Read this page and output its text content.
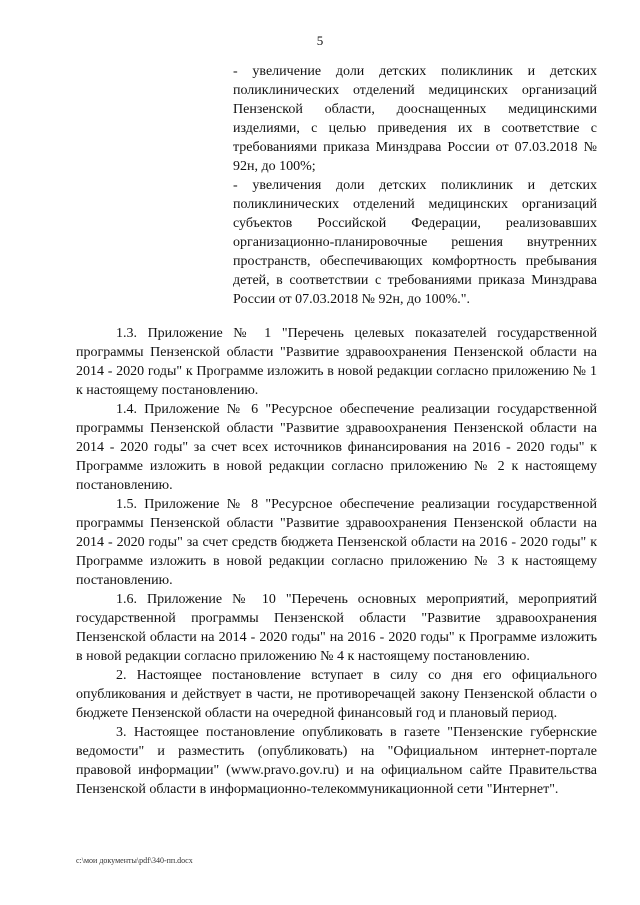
5

- увеличение доли детских поликлиник и детских поликлинических отделений медицинских организаций Пензенской области, дооснащенных медицинскими изделиями, с целью приведения их в соответствие с требованиями приказа Минздрава России от 07.03.2018 № 92н, до 100%;

- увеличения доли детских поликлиник и детских поликлинических отделений медицинских организаций субъектов Российской Федерации, реализовавших организационно-планировочные решения внутренних пространств, обеспечивающих комфортность пребывания детей, в соответствии с требованиями приказа Минздрава России от 07.03.2018 № 92н, до 100%.".

1.3. Приложение № 1 "Перечень целевых показателей государственной программы Пензенской области "Развитие здравоохранения Пензенской области на 2014 - 2020 годы" к Программе изложить в новой редакции согласно приложению № 1 к настоящему постановлению.

1.4. Приложение № 6 "Ресурсное обеспечение реализации государственной программы Пензенской области "Развитие здравоохранения Пензенской области на 2014 - 2020 годы" за счет всех источников финансирования на 2016 - 2020 годы" к Программе изложить в новой редакции согласно приложению № 2 к настоящему постановлению.

1.5. Приложение № 8 "Ресурсное обеспечение реализации государственной программы Пензенской области "Развитие здравоохранения Пензенской области на 2014 - 2020 годы" за счет средств бюджета Пензенской области на 2016 - 2020 годы" к Программе изложить в новой редакции согласно приложению № 3 к настоящему постановлению.

1.6. Приложение № 10 "Перечень основных мероприятий, мероприятий государственной программы Пензенской области "Развитие здравоохранения Пензенской области на 2014 - 2020 годы" на 2016 - 2020 годы" к Программе изложить в новой редакции согласно приложению № 4 к настоящему постановлению.

2. Настоящее постановление вступает в силу со дня его официального опубликования и действует в части, не противоречащей закону Пензенской области о бюджете Пензенской области на очередной финансовый год и плановый период.

3. Настоящее постановление опубликовать в газете "Пензенские губернские ведомости" и разместить (опубликовать) на "Официальном интернет-портале правовой информации" (www.pravo.gov.ru) и на официальном сайте Правительства Пензенской области в информационно-телекоммуникационной сети "Интернет".

c:\мои документы\pdf\340-пп.docx
